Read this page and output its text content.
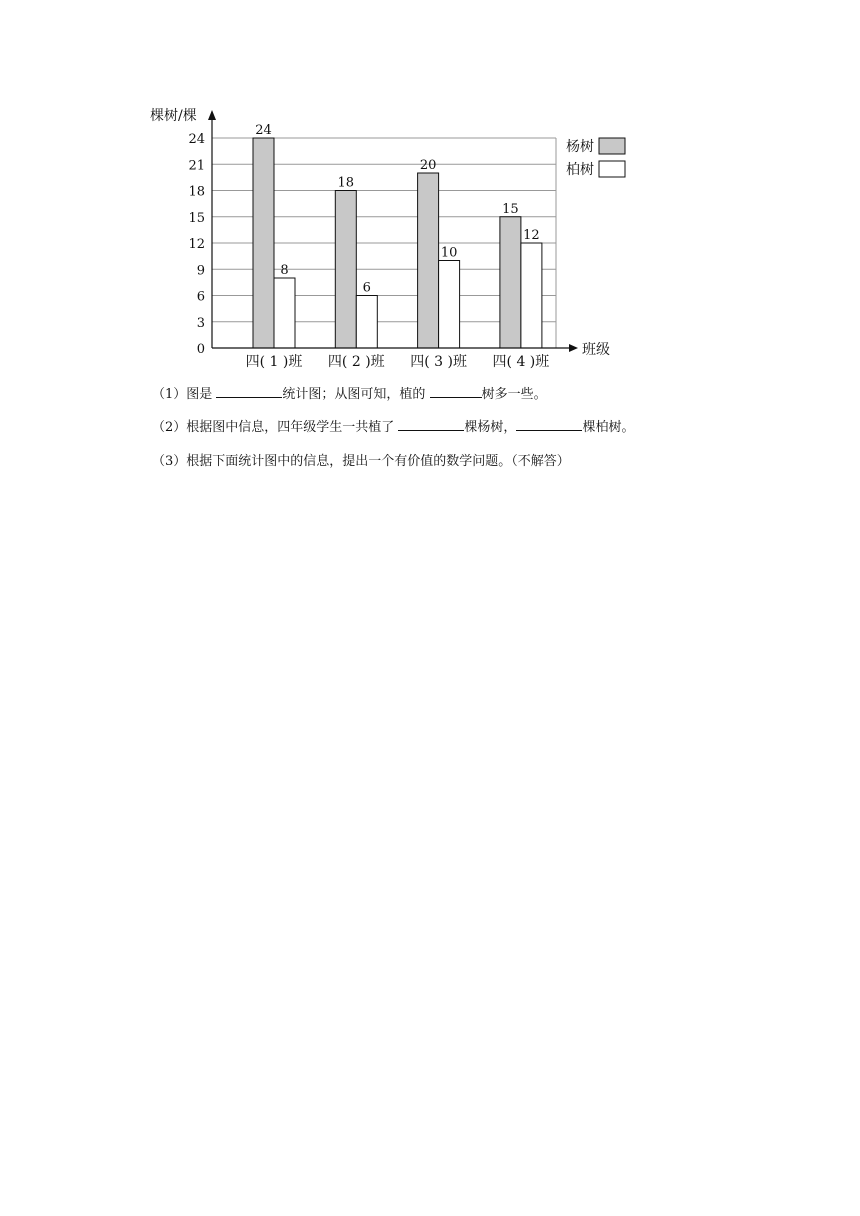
0
3
6
9
12
15
18
21
24
24
8
四( 1 )班
18
6
四( 2 )班
20
10
四( 3 )班
15
12
四( 4 )班
棵树/棵
班级
杨树
柏树
（1）图是	统计图；从图可知，植的	树多一些。
（2）根据图中信息，四年级学生一共植了	棵杨树，	棵柏树。
（3）根据下面统计图中的信息，提出一个有价值的数学问题。（不解答）
